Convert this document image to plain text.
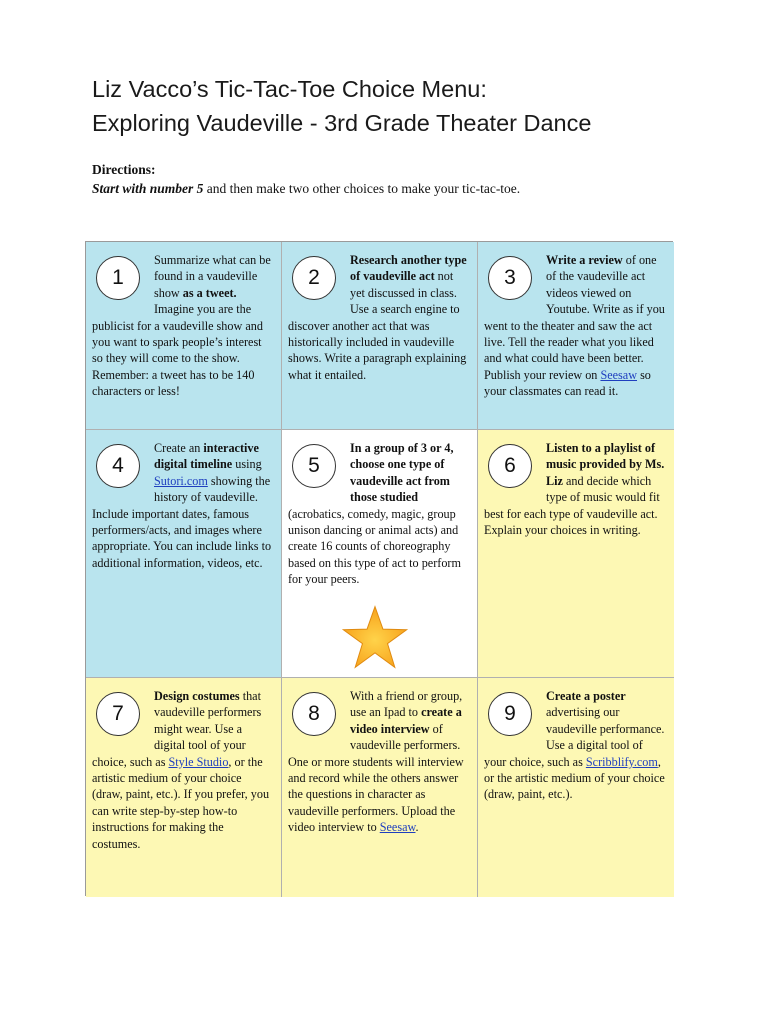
Liz Vacco’s Tic-Tac-Toe Choice Menu:
Exploring Vaudeville - 3rd Grade Theater Dance
Directions:
Start with number 5 and then make two other choices to make your tic-tac-toe.
1
Summarize what can be found in a vaudeville show as a tweet. Imagine you are the publicist for a vaudeville show and you want to spark people’s interest so they will come to the show. Remember: a tweet has to be 140 characters or less!
2
Research another type of vaudeville act not yet discussed in class. Use a search engine to discover another act that was historically included in vaudeville shows. Write a paragraph explaining what it entailed.
3
Write a review of one of the vaudeville act videos viewed on Youtube. Write as if you went to the theater and saw the act live. Tell the reader what you liked and what could have been better. Publish your review on Seesaw so your classmates can read it.
4
Create an interactive digital timeline using Sutori.com showing the history of vaudeville. Include important dates, famous performers/acts, and images where appropriate. You can include links to additional information, videos, etc.
5
In a group of 3 or 4, choose one type of vaudeville act from those studied (acrobatics, comedy, magic, group unison dancing or animal acts) and create 16 counts of choreography based on this type of act to perform for your peers.
6
Listen to a playlist of music provided by Ms. Liz and decide which type of music would fit best for each type of vaudeville act. Explain your choices in writing.
7
Design costumes that vaudeville performers might wear. Use a digital tool of your choice, such as Style Studio, or the artistic medium of your choice (draw, paint, etc.). If you prefer, you can write step-by-step how-to instructions for making the costumes.
8
With a friend or group, use an Ipad to create a video interview of vaudeville performers. One or more students will interview and record while the others answer the questions in character as vaudeville performers. Upload the video interview to Seesaw.
9
Create a poster advertising our vaudeville performance. Use a digital tool of your choice, such as Scribblify.com, or the artistic medium of your choice (draw, paint, etc.).
